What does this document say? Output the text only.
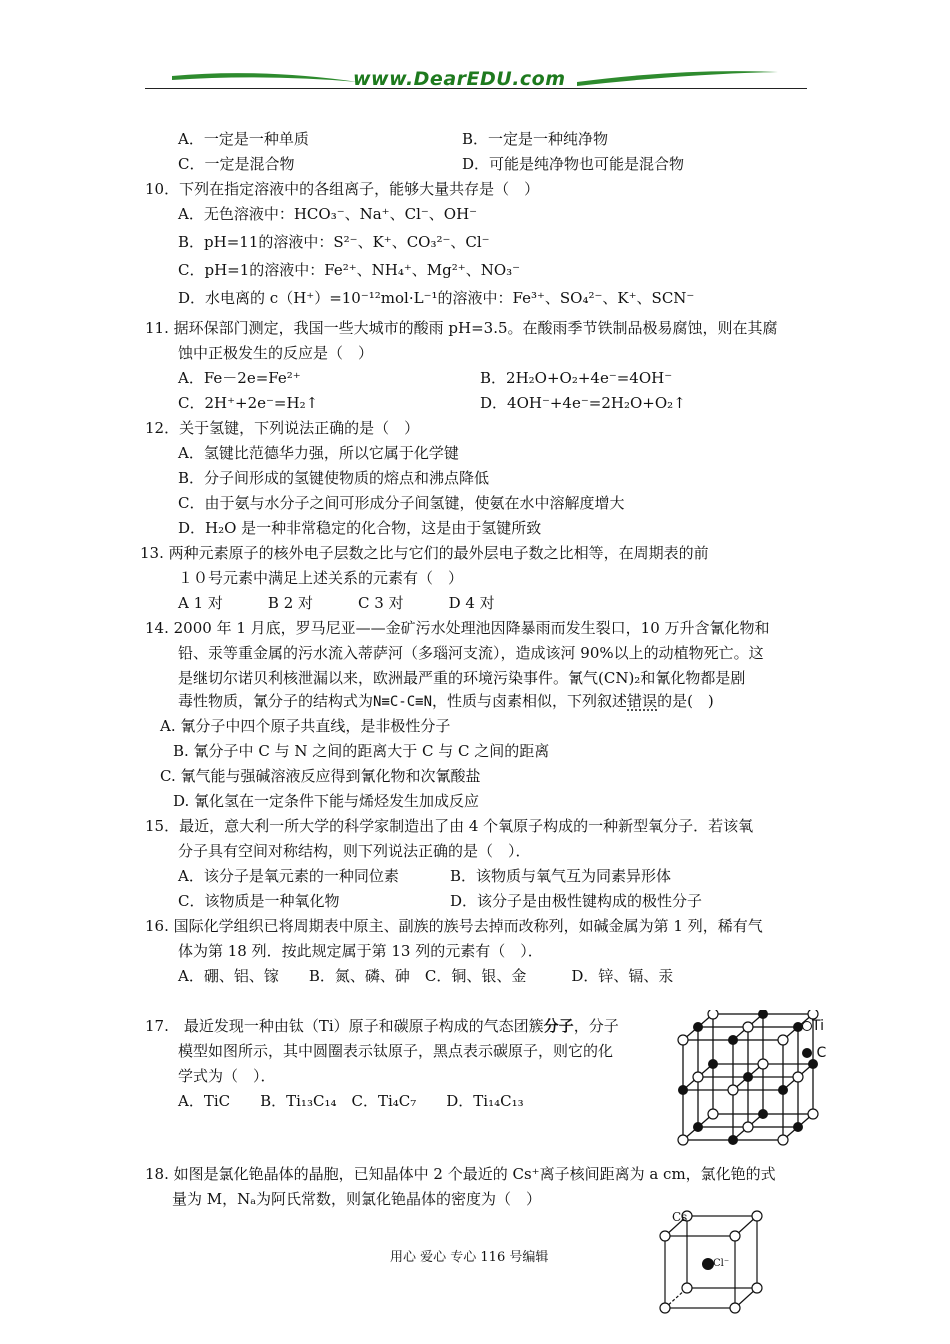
www.DearEDU.com
A．一定是一种单质	B．一定是一种纯净物
C．一定是混合物	D．可能是纯净物也可能是混合物
10．下列在指定溶液中的各组离子，能够大量共存是（　）
A．无色溶液中：HCO₃⁻、Na⁺、Cl⁻、OH⁻
B．pH=11的溶液中：S²⁻、K⁺、CO₃²⁻、Cl⁻
C．pH=1的溶液中：Fe²⁺、NH₄⁺、Mg²⁺、NO₃⁻
D．水电离的 c（H⁺）=10⁻¹²mol·L⁻¹的溶液中：Fe³⁺、SO₄²⁻、K⁺、SCN⁻
11. 据环保部门测定，我国一些大城市的酸雨 pH=3.5。在酸雨季节铁制品极易腐蚀，则在其腐
蚀中正极发生的反应是（　）
A．Fe－2e=Fe²⁺	B．2H₂O+O₂+4e⁻=4OH⁻
C．2H⁺+2e⁻=H₂↑	D．4OH⁻+4e⁻=2H₂O+O₂↑
12．关于氢键，下列说法正确的是（　）
A．氢键比范德华力强，所以它属于化学键
B．分子间形成的氢键使物质的熔点和沸点降低
C．由于氨与水分子之间可形成分子间氢键，使氨在水中溶解度增大
D．H₂O 是一种非常稳定的化合物，这是由于氢键所致
13. 两种元素原子的核外电子层数之比与它们的最外层电子数之比相等，在周期表的前
１０号元素中满足上述关系的元素有（　）
A 1 对　　　B 2 对　　　C 3 对　　　D 4 对
14. 2000 年 1 月底，罗马尼亚——金矿污水处理池因降暴雨而发生裂口，10 万升含氰化物和
铅、汞等重金属的污水流入蒂萨河（多瑙河支流），造成该河 90%以上的动植物死亡。这
是继切尔诺贝利核泄漏以来，欧洲最严重的环境污染事件。氰气(CN)₂和氰化物都是剧
毒性物质，氰分子的结构式为N≡C-C≡N，性质与卤素相似，下列叙述错误的是(　)
A. 氰分子中四个原子共直线，是非极性分子
B. 氰分子中 C 与 N 之间的距离大于 C 与 C 之间的距离
C. 氰气能与强碱溶液反应得到氰化物和次氰酸盐
D. 氰化氢在一定条件下能与烯烃发生加成反应
15．最近，意大利一所大学的科学家制造出了由 4 个氧原子构成的一种新型氧分子．若该氧
分子具有空间对称结构，则下列说法正确的是（　）．
A．该分子是氧元素的一种同位素	B．该物质与氧气互为同素异形体
C．该物质是一种氧化物	D．该分子是由极性键构成的极性分子
16. 国际化学组织已将周期表中原主、副族的族号去掉而改称列，如碱金属为第 1 列，稀有气
体为第 18 列．按此规定属于第 13 列的元素有（　）．
A．硼、铝、镓　　B．氮、磷、砷　C．铜、银、金　　　D．锌、镉、汞
17.　最近发现一种由钛（Ti）原子和碳原子构成的气态团簇分子，分子
模型如图所示，其中圆圈表示钛原子，黑点表示碳原子，则它的化
学式为（　）．
A．TiC　　B．Ti₁₃C₁₄　C．Ti₄C₇　　D．Ti₁₄C₁₃
Ti
C
18. 如图是氯化铯晶体的晶胞，已知晶体中 2 个最近的 Cs⁺离子核间距离为 a cm，氯化铯的式
量为 M，Nₐ为阿氏常数，则氯化铯晶体的密度为（　）
Cs
Cl⁻
用心 爱心 专心 116 号编辑
